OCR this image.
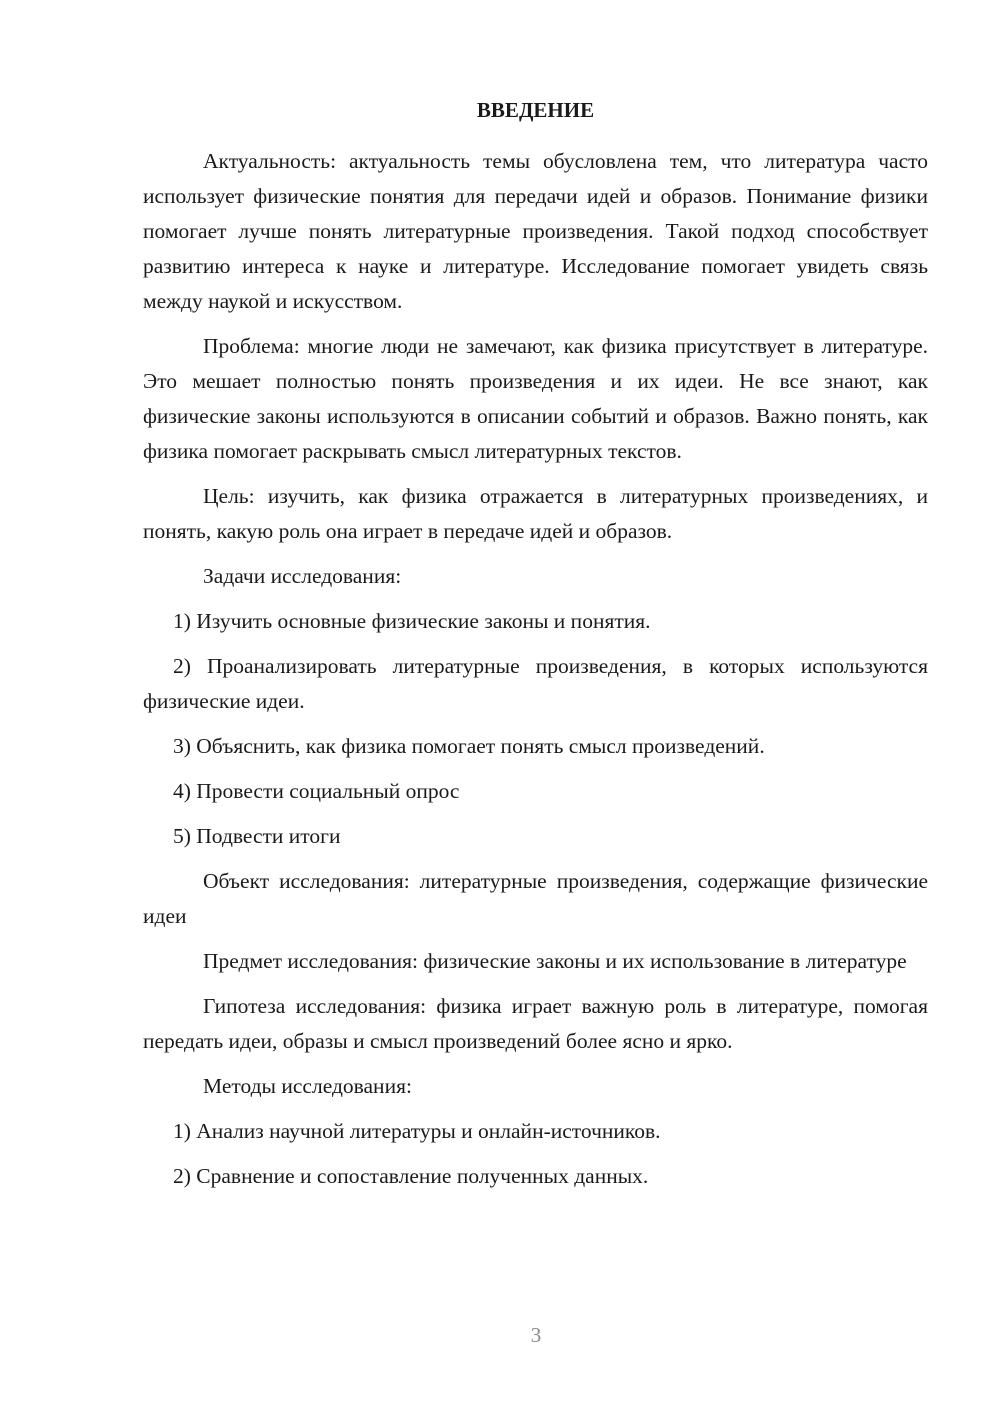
ВВЕДЕНИЕ

Актуальность: актуальность темы обусловлена тем, что литература часто использует физические понятия для передачи идей и образов. Понимание физики помогает лучше понять литературные произведения. Такой подход способствует развитию интереса к науке и литературе. Исследование помогает увидеть связь между наукой и искусством.

Проблема: многие люди не замечают, как физика присутствует в литературе. Это мешает полностью понять произведения и их идеи. Не все знают, как физические законы используются в описании событий и образов. Важно понять, как физика помогает раскрывать смысл литературных текстов.

Цель: изучить, как физика отражается в литературных произведениях, и понять, какую роль она играет в передаче идей и образов.

Задачи исследования:

1) Изучить основные физические законы и понятия.

2) Проанализировать литературные произведения, в которых используются физические идеи.

3) Объяснить, как физика помогает понять смысл произведений.

4) Провести социальный опрос

5) Подвести итоги

Объект исследования: литературные произведения, содержащие физические идеи

Предмет исследования: физические законы и их использование в литературе

Гипотеза исследования: физика играет важную роль в литературе, помогая передать идеи, образы и смысл произведений более ясно и ярко.

Методы исследования:

1) Анализ научной литературы и онлайн-источников.

2) Сравнение и сопоставление полученных данных.

3
